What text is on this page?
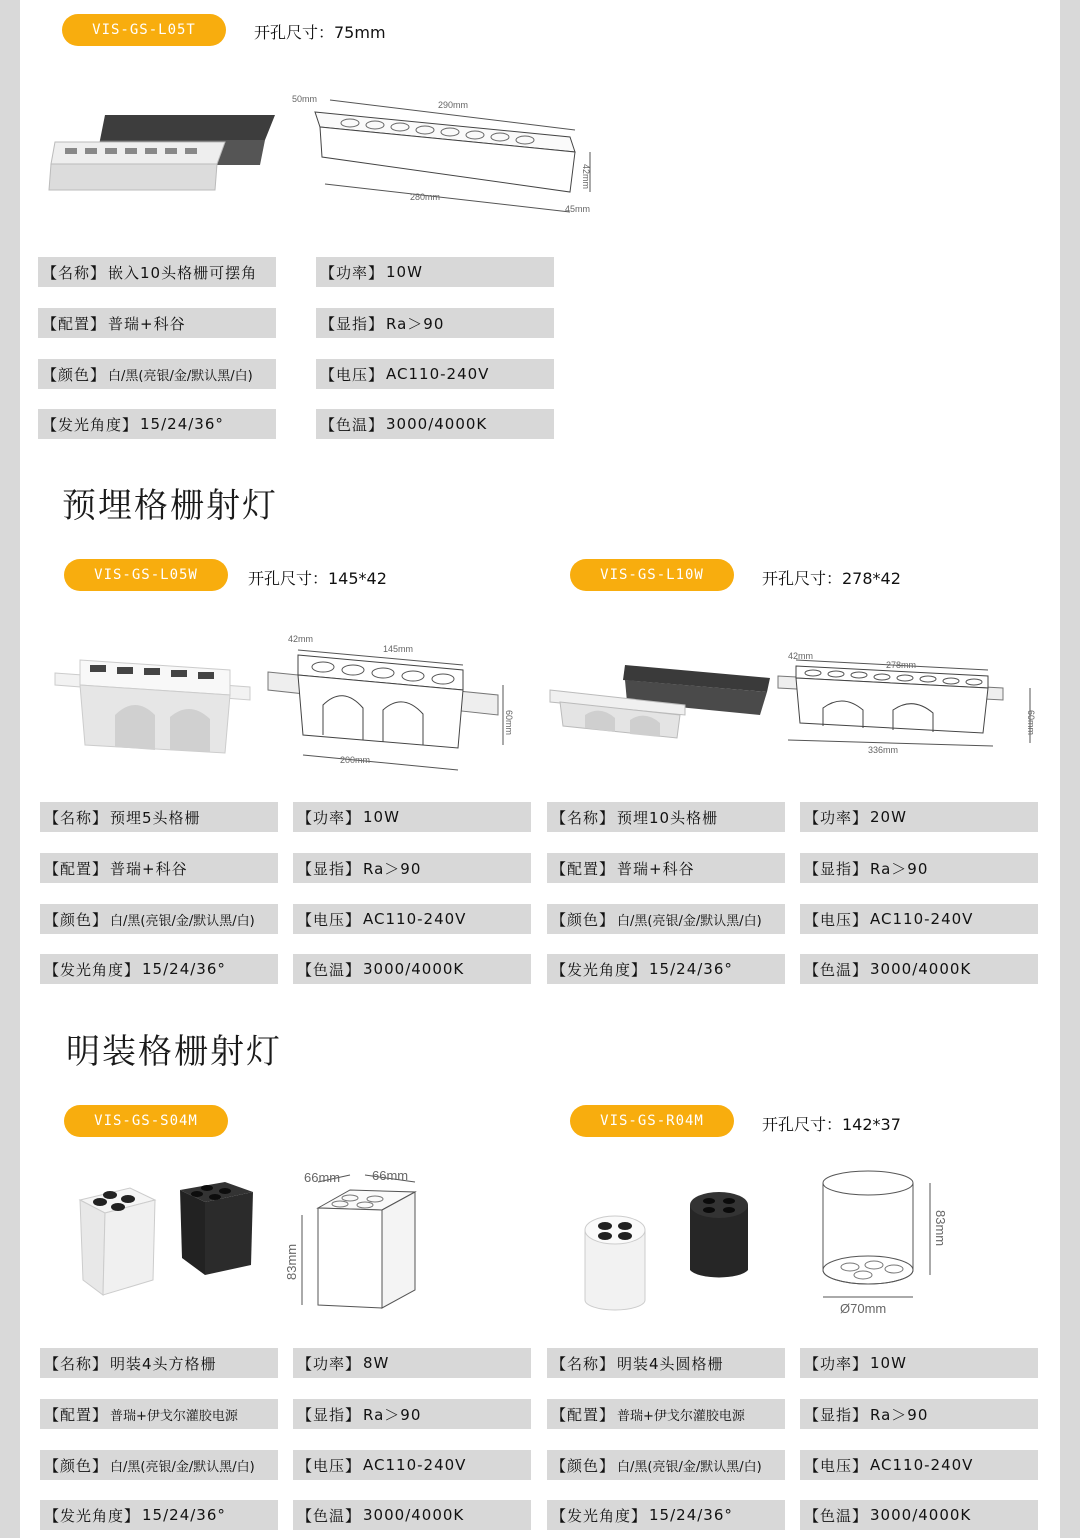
VIS-GS-L05T	开孔尺寸：75mm
50mm
290mm
42mm
280mm
45mm
【名称】 嵌入10头格栅可摆角	【功率】 10W
【配置】 普瑞+科谷	【显指】 Ra＞90
【颜色】 白/黑(亮银/金/默认黑/白)	【电压】 AC110-240V
【发光角度】 15/24/36°	【色温】 3000/4000K
预埋格栅射灯
VIS-GS-L05W	开孔尺寸：145*42
42mm
145mm
60mm
200mm
VIS-GS-L10W	开孔尺寸：278*42
42mm
278mm
60mm
336mm
【名称】 预埋5头格栅	【功率】 10W	【名称】 预埋10头格栅	【功率】 20W
【配置】 普瑞+科谷	【显指】 Ra＞90	【配置】 普瑞+科谷	【显指】 Ra＞90
【颜色】 白/黑(亮银/金/默认黑/白)	【电压】 AC110-240V	【颜色】 白/黑(亮银/金/默认黑/白)	【电压】 AC110-240V
【发光角度】 15/24/36°	【色温】 3000/4000K	【发光角度】 15/24/36°	【色温】 3000/4000K
明装格栅射灯
VIS-GS-S04M
66mm 66mm
83mm
VIS-GS-R04M	开孔尺寸：142*37
83mm
Ø70mm
【名称】 明装4头方格栅	【功率】 8W	【名称】 明装4头圆格栅	【功率】 10W
【配置】 普瑞+伊戈尔灌胶电源	【显指】 Ra＞90	【配置】 普瑞+伊戈尔灌胶电源	【显指】 Ra＞90
【颜色】 白/黑(亮银/金/默认黑/白)	【电压】 AC110-240V	【颜色】 白/黑(亮银/金/默认黑/白)	【电压】 AC110-240V
【发光角度】 15/24/36°	【色温】 3000/4000K	【发光角度】 15/24/36°	【色温】 3000/4000K
